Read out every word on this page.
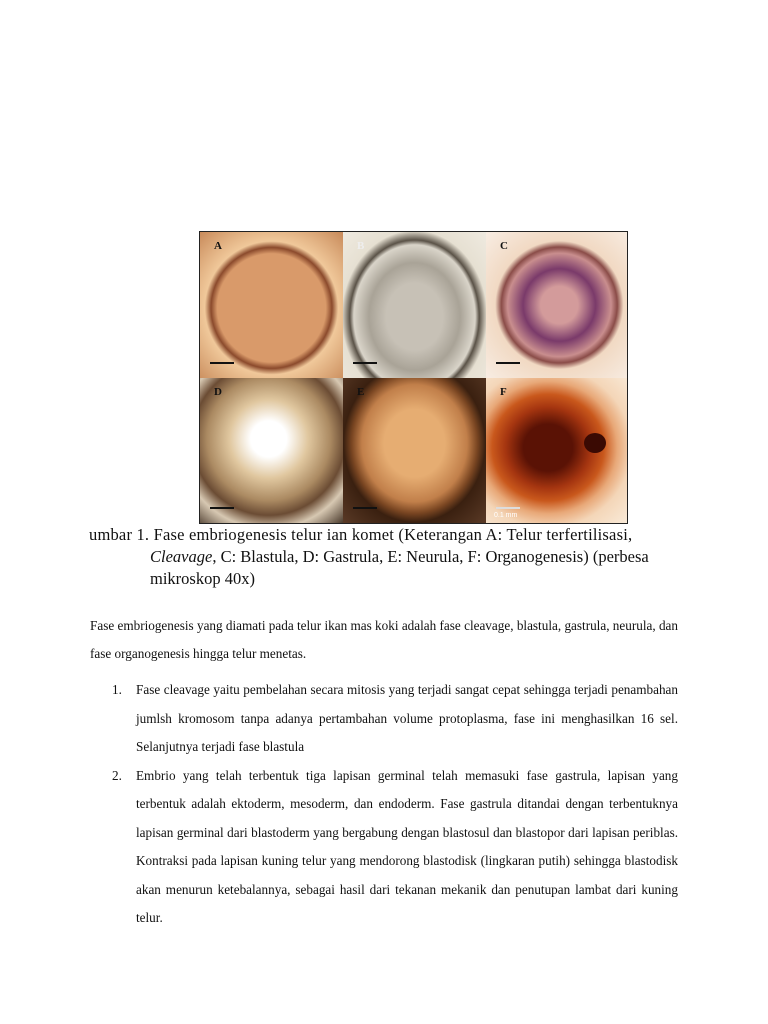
A	B	C
D	E	F
0.1 mm
umbar 1. Fase embriogenesis telur ian komet (Keterangan A: Telur terfertilisasi,
Cleavage, C: Blastula, D: Gastrula, E: Neurula, F: Organogenesis) (perbesa
mikroskop 40x)

Fase embriogenesis yang diamati pada telur ikan mas koki adalah fase cleavage, blastula, gastrula, neurula, dan fase organogenesis hingga telur menetas.

1. Fase cleavage yaitu pembelahan secara mitosis yang terjadi sangat cepat sehingga terjadi penambahan jumlsh kromosom tanpa adanya pertambahan volume protoplasma, fase ini menghasilkan 16 sel. Selanjutnya terjadi fase blastula
2. Embrio yang telah terbentuk tiga lapisan germinal telah memasuki fase gastrula, lapisan yang terbentuk adalah ektoderm, mesoderm, dan endoderm. Fase gastrula ditandai dengan terbentuknya lapisan germinal dari blastoderm yang bergabung dengan blastosul dan blastopor dari lapisan periblas. Kontraksi pada lapisan kuning telur yang mendorong blastodisk (lingkaran putih) sehingga blastodisk akan menurun ketebalannya, sebagai hasil dari tekanan mekanik dan penutupan lambat dari kuning telur.
